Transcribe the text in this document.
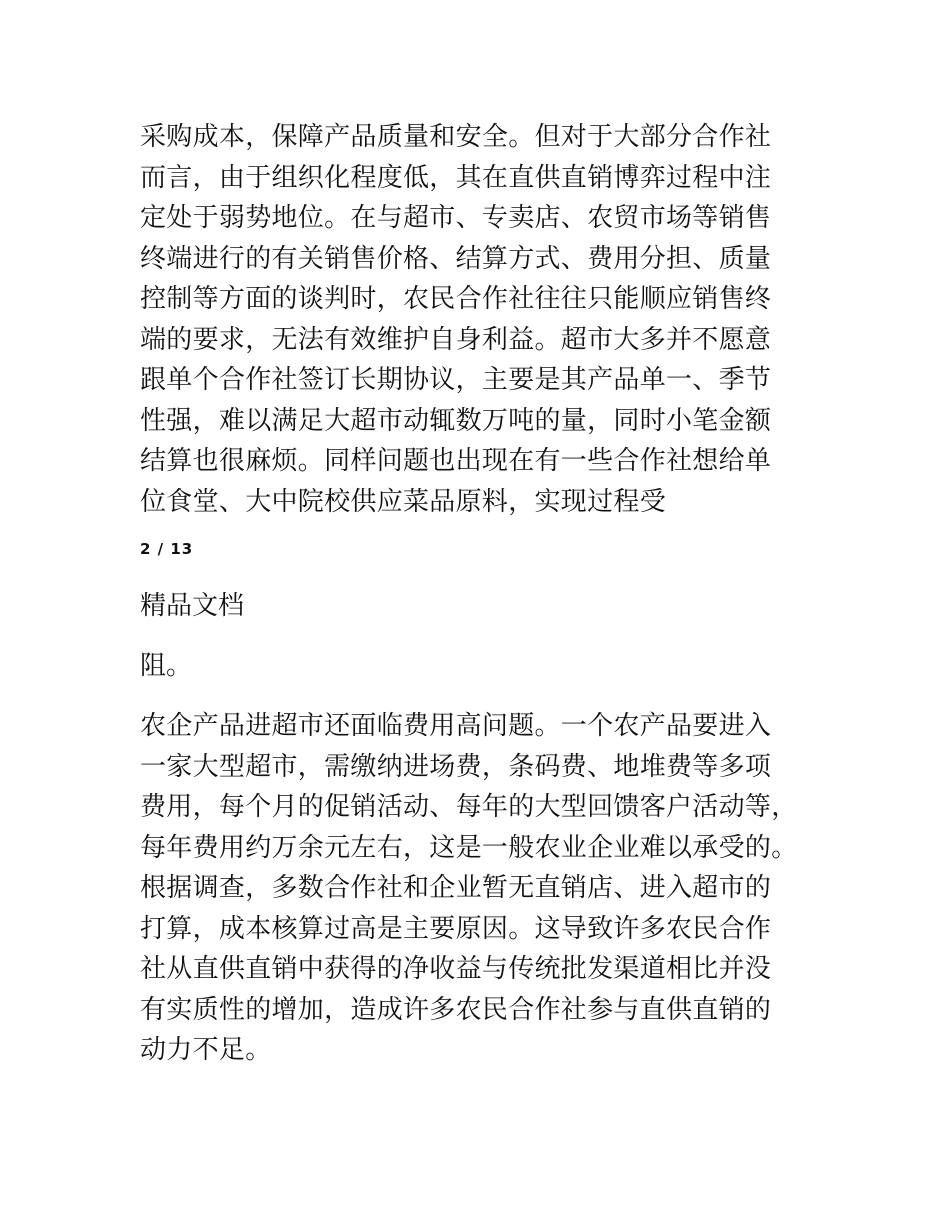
采购成本，保障产品质量和安全。但对于大部分合作社
而言，由于组织化程度低，其在直供直销博弈过程中注
定处于弱势地位。在与超市、专卖店、农贸市场等销售
终端进行的有关销售价格、结算方式、费用分担、质量
控制等方面的谈判时，农民合作社往往只能顺应销售终
端的要求，无法有效维护自身利益。超市大多并不愿意
跟单个合作社签订长期协议，主要是其产品单一、季节
性强，难以满足大超市动辄数万吨的量，同时小笔金额
结算也很麻烦。同样问题也出现在有一些合作社想给单
位食堂、大中院校供应菜品原料，实现过程受
2 / 13
精品文档
阻。
农企产品进超市还面临费用高问题。一个农产品要进入
一家大型超市，需缴纳进场费，条码费、地堆费等多项
费用，每个月的促销活动、每年的大型回馈客户活动等，
每年费用约万余元左右，这是一般农业企业难以承受的。
根据调查，多数合作社和企业暂无直销店、进入超市的
打算，成本核算过高是主要原因。这导致许多农民合作
社从直供直销中获得的净收益与传统批发渠道相比并没
有实质性的增加，造成许多农民合作社参与直供直销的
动力不足。
